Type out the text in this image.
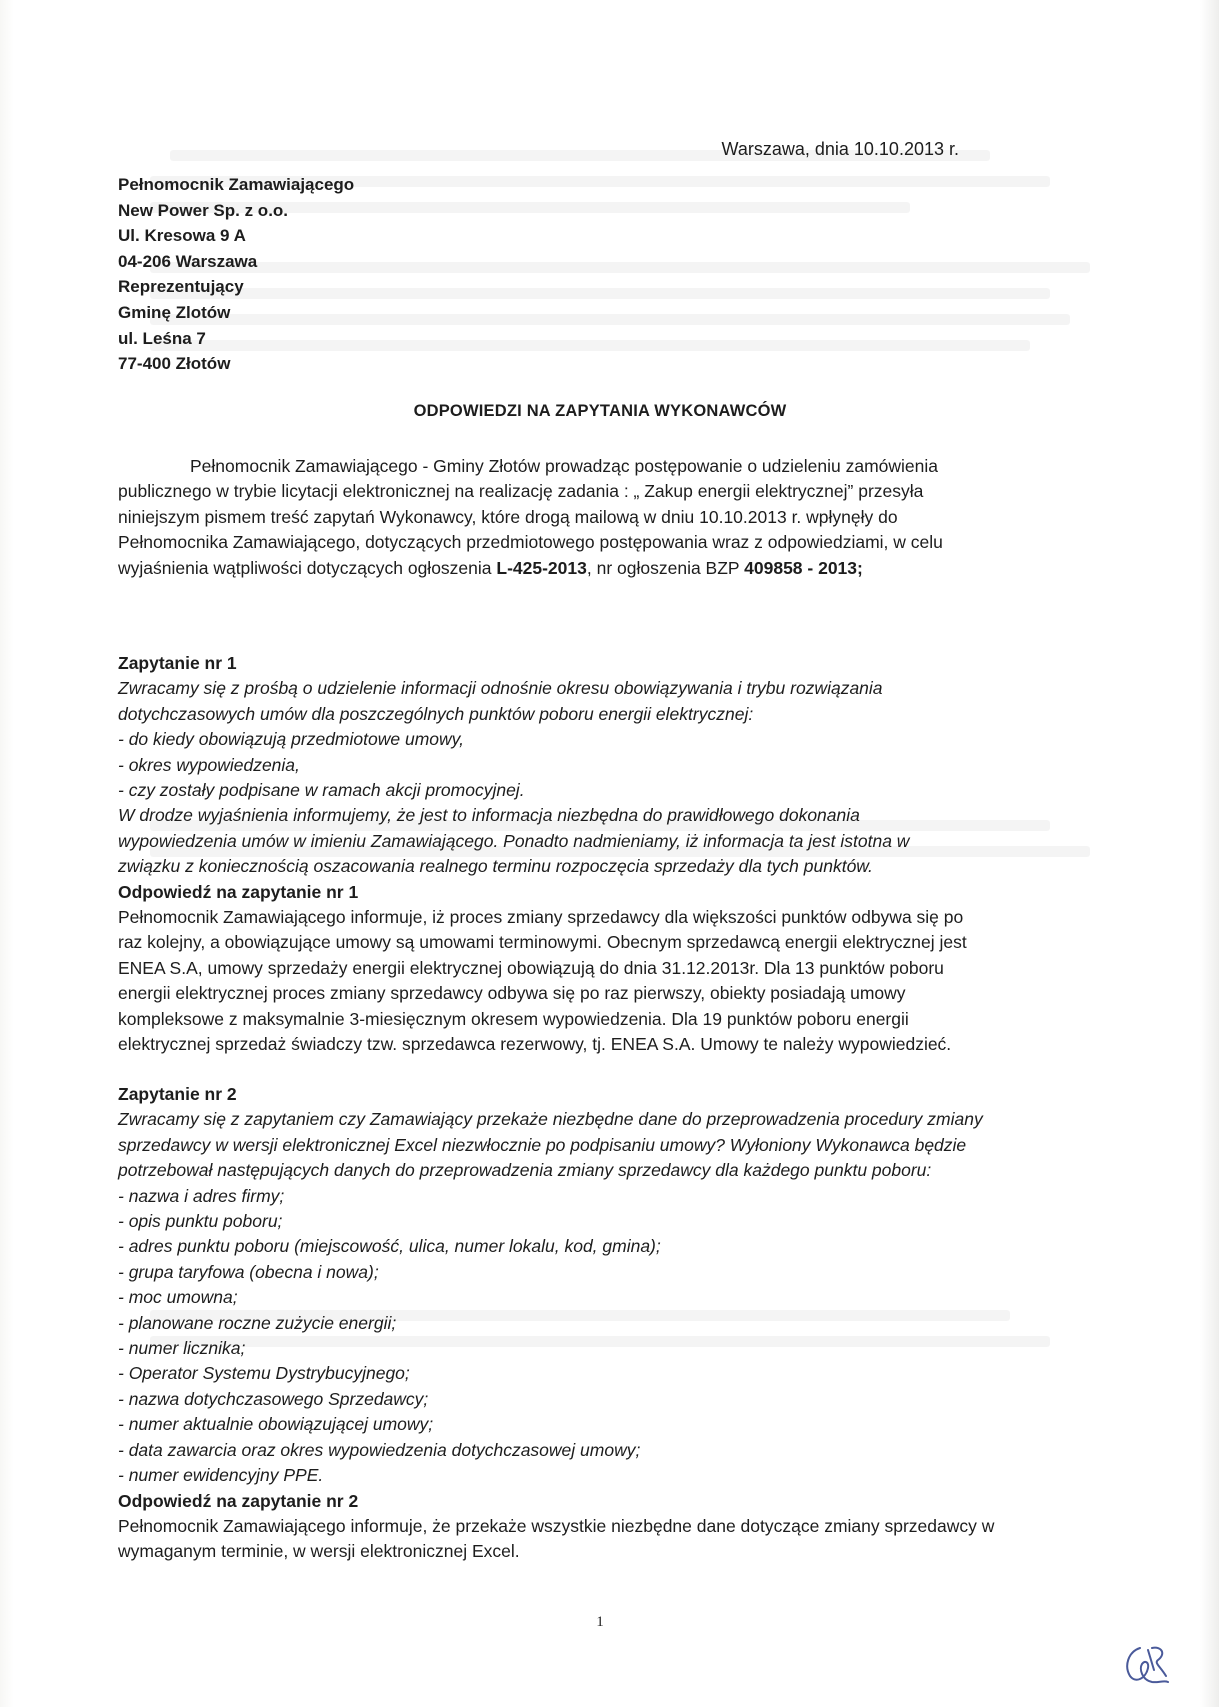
Warszawa, dnia 10.10.2013 r.
Pełnomocnik Zamawiającego
New Power Sp. z o.o.
Ul. Kresowa 9 A
04-206 Warszawa
Reprezentujący
Gminę Zlotów
ul. Leśna 7
77-400 Złotów
ODPOWIEDZI NA ZAPYTANIA WYKONAWCÓW
Pełnomocnik Zamawiającego - Gminy Złotów prowadząc postępowanie o udzieleniu zamówienia
publicznego w trybie licytacji elektronicznej na realizację zadania : „ Zakup energii elektrycznej” przesyła
niniejszym pismem treść zapytań Wykonawcy, które drogą mailową w dniu 10.10.2013 r. wpłynęły do
Pełnomocnika Zamawiającego, dotyczących przedmiotowego postępowania wraz z odpowiedziami, w celu
wyjaśnienia wątpliwości dotyczących ogłoszenia L-425-2013, nr ogłoszenia BZP 409858 - 2013;
Zapytanie nr 1
Zwracamy się z prośbą o udzielenie informacji odnośnie okresu obowiązywania i trybu rozwiązania
dotychczasowych umów dla poszczególnych punktów poboru energii elektrycznej:
- do kiedy obowiązują przedmiotowe umowy,
- okres wypowiedzenia,
- czy zostały podpisane w ramach akcji promocyjnej.
W drodze wyjaśnienia informujemy, że jest to informacja niezbędna do prawidłowego dokonania
wypowiedzenia umów w imieniu Zamawiającego. Ponadto nadmieniamy, iż informacja ta jest istotna w
związku z koniecznością oszacowania realnego terminu rozpoczęcia sprzedaży dla tych punktów.
Odpowiedź na zapytanie nr 1
Pełnomocnik Zamawiającego informuje, iż proces zmiany sprzedawcy dla większości punktów odbywa się po
raz kolejny, a obowiązujące umowy są umowami terminowymi. Obecnym sprzedawcą energii elektrycznej jest
ENEA S.A, umowy sprzedaży energii elektrycznej obowiązują do dnia 31.12.2013r. Dla 13 punktów poboru
energii elektrycznej proces zmiany sprzedawcy odbywa się po raz pierwszy, obiekty posiadają umowy
kompleksowe z maksymalnie 3-miesięcznym okresem wypowiedzenia. Dla 19 punktów poboru energii
elektrycznej sprzedaż świadczy tzw. sprzedawca rezerwowy, tj. ENEA S.A. Umowy te należy wypowiedzieć.
Zapytanie nr 2
Zwracamy się z zapytaniem czy Zamawiający przekaże niezbędne dane do przeprowadzenia procedury zmiany
sprzedawcy w wersji elektronicznej Excel niezwłocznie po podpisaniu umowy? Wyłoniony Wykonawca będzie
potrzebował następujących danych do przeprowadzenia zmiany sprzedawcy dla każdego punktu poboru:
- nazwa i adres firmy;
- opis punktu poboru;
- adres punktu poboru (miejscowość, ulica, numer lokalu, kod, gmina);
- grupa taryfowa (obecna i nowa);
- moc umowna;
- planowane roczne zużycie energii;
- numer licznika;
- Operator Systemu Dystrybucyjnego;
- nazwa dotychczasowego Sprzedawcy;
- numer aktualnie obowiązującej umowy;
- data zawarcia oraz okres wypowiedzenia dotychczasowej umowy;
- numer ewidencyjny PPE.
Odpowiedź na zapytanie nr 2
Pełnomocnik Zamawiającego informuje, że przekaże wszystkie niezbędne dane dotyczące zmiany sprzedawcy w
wymaganym terminie, w wersji elektronicznej Excel.
1
